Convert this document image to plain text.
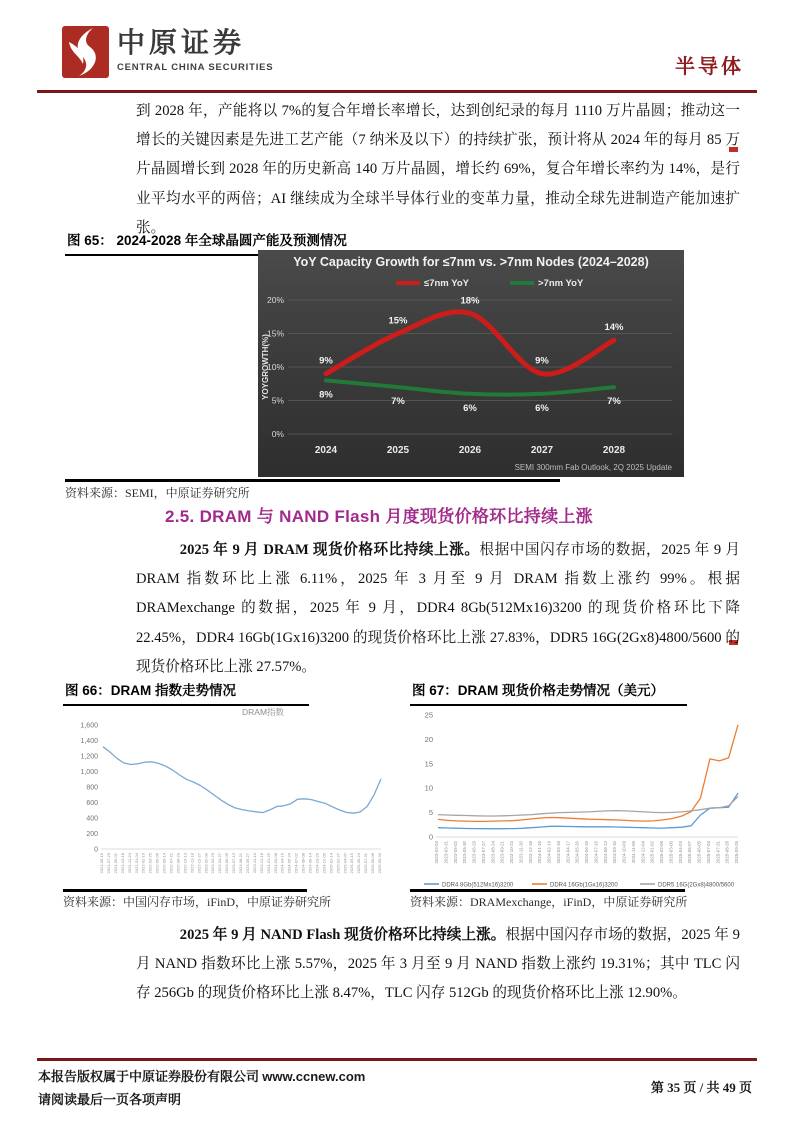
中原证券
CENTRAL CHINA SECURITIES	半导体
到 2028 年，产能将以 7%的复合年增长率增长，达到创纪录的每月 1110 万片晶圆；推动这一增长的关键因素是先进工艺产能（7 纳米及以下）的持续扩张，预计将从 2024 年的每月 85 万片晶圆增长到 2028 年的历史新高 140 万片晶圆，增长约 69%，复合年增长率约为 14%，是行业平均水平的两倍；AI 继续成为全球半导体行业的变革力量，推动全球先进制造产能加速扩张。
图 65： 2024-2028 年全球晶圆产能及预测情况
0%
5%
10%
15%
20%
YOYGROWTH(%)
2024	2025	2026	2027	2028
9%
15%
18%
9%
14%
8%
7%
6%	6%
7%
YoY Capacity Growth for ≤7nm vs. >7nm Nodes (2024–2028)
≤7nm YoY	>7nm YoY
SEMI 300mm Fab Outlook, 2Q 2025 Update
资料来源：SEMI，中原证券研究所
2.5. DRAM 与 NAND Flash 月度现货价格环比持续上涨
2025 年 9 月 DRAM 现货价格环比持续上涨。根据中国闪存市场的数据，2025 年 9 月 DRAM 指数环比上涨 6.11%，2025 年 3 月至 9 月 DRAM 指数上涨约 99%。根据 DRAMexchange 的数据，2025 年 9 月，DDR4 8Gb(512Mx16)3200 的现货价格环比下降 22.45%，DDR4 16Gb(1Gx16)3200 的现货价格环比上涨 27.83%，DDR5 16G(2Gx8)4800/5600 的现货价格环比上涨 27.57%。
图 66：DRAM 指数走势情况	图 67：DRAM 现货价格走势情况（美元）
0
200
400
600
800
1,000
1,200
1,400
1,600
2021-06-15 2021-07-23 2021-09-01 2021-10-18 2021-11-24 2022-01-04 2022-02-16 2022-03-25 2022-05-06 2022-06-14 2022-07-21 2022-08-29 2022-10-13 2022-11-18 2022-12-27 2023-02-09 2023-03-20 2023-04-27 2023-06-06 2023-07-13 2023-08-21 2023-09-27 2023-11-10 2023-12-18 2024-01-25 2024-03-08 2024-04-16 2024-05-24 2024-07-02 2024-08-08 2024-09-14 2024-10-29 2024-12-05 2025-01-14 2025-02-27 2025-04-07 2025-05-15 2025-06-24 2025-07-31 2025-09-08 2025-09-30
DRAM指数
0
5
10
15
20
25
2023-03-03 2023-03-31 2023-05-02 2023-05-30 2023-06-29 2023-07-27 2023-08-24 2023-09-21 2023-10-23 2023-11-20 2023-12-18 2024-01-16 2024-02-19 2024-03-18 2024-04-17 2024-05-20 2024-06-18 2024-07-16 2024-08-13 2024-09-10 2024-10-09 2024-11-06 2024-12-04 2025-01-02 2025-02-06 2025-03-06 2025-04-03 2025-05-07 2025-06-05 2025-07-03 2025-07-31 2025-08-28 2025-09-25
DDR4 8Gb(512Mx16)3200	DDR4 16Gb(1Gx16)3200	DDR5 16G(2Gx8)4800/5600
资料来源：中国闪存市场，iFinD，中原证券研究所	资料来源：DRAMexchange，iFinD，中原证券研究所
2025 年 9 月 NAND Flash 现货价格环比持续上涨。根据中国闪存市场的数据，2025 年 9 月 NAND 指数环比上涨 5.57%，2025 年 3 月至 9 月 NAND 指数上涨约 19.31%；其中 TLC 闪存 256Gb 的现货价格环比上涨 8.47%，TLC 闪存 512Gb 的现货价格环比上涨 12.90%。
本报告版权属于中原证券股份有限公司 www.ccnew.com
请阅读最后一页各项声明
第 35 页 / 共 49 页
